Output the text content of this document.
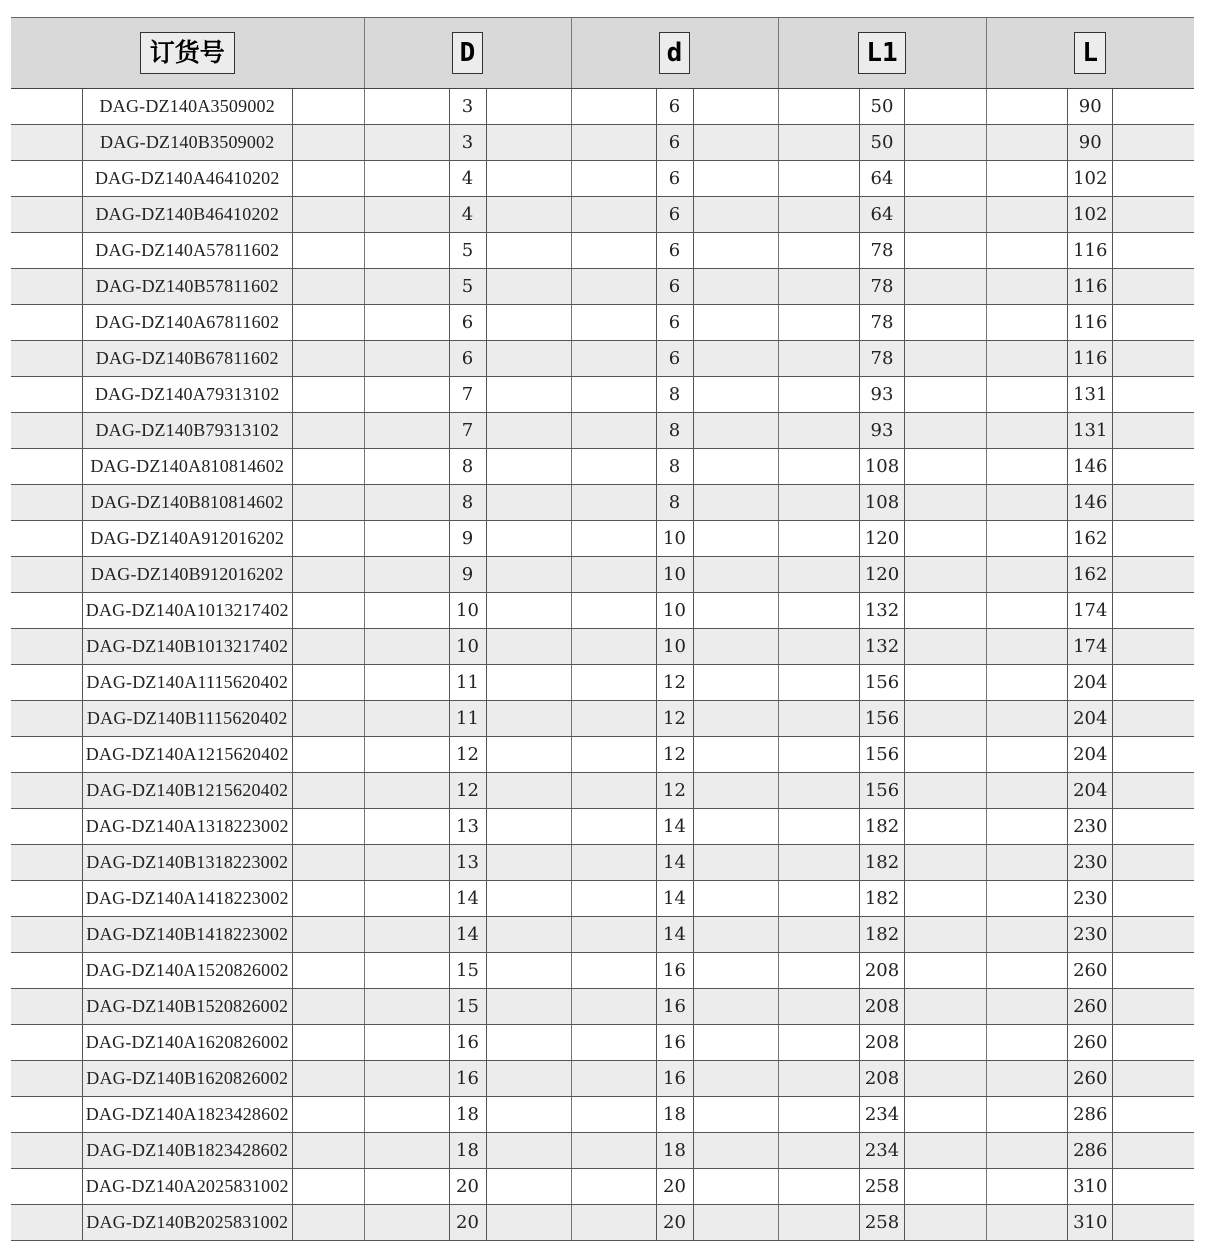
订货号	D	d	L1	L
DAG-DZ140A3509002	3	6	50	90
DAG-DZ140B3509002	3	6	50	90
DAG-DZ140A46410202	4	6	64	102
DAG-DZ140B46410202	4	6	64	102
DAG-DZ140A57811602	5	6	78	116
DAG-DZ140B57811602	5	6	78	116
DAG-DZ140A67811602	6	6	78	116
DAG-DZ140B67811602	6	6	78	116
DAG-DZ140A79313102	7	8	93	131
DAG-DZ140B79313102	7	8	93	131
DAG-DZ140A810814602	8	8	108	146
DAG-DZ140B810814602	8	8	108	146
DAG-DZ140A912016202	9	10	120	162
DAG-DZ140B912016202	9	10	120	162
DAG-DZ140A1013217402	10	10	132	174
DAG-DZ140B1013217402	10	10	132	174
DAG-DZ140A1115620402	11	12	156	204
DAG-DZ140B1115620402	11	12	156	204
DAG-DZ140A1215620402	12	12	156	204
DAG-DZ140B1215620402	12	12	156	204
DAG-DZ140A1318223002	13	14	182	230
DAG-DZ140B1318223002	13	14	182	230
DAG-DZ140A1418223002	14	14	182	230
DAG-DZ140B1418223002	14	14	182	230
DAG-DZ140A1520826002	15	16	208	260
DAG-DZ140B1520826002	15	16	208	260
DAG-DZ140A1620826002	16	16	208	260
DAG-DZ140B1620826002	16	16	208	260
DAG-DZ140A1823428602	18	18	234	286
DAG-DZ140B1823428602	18	18	234	286
DAG-DZ140A2025831002	20	20	258	310
DAG-DZ140B2025831002	20	20	258	310
